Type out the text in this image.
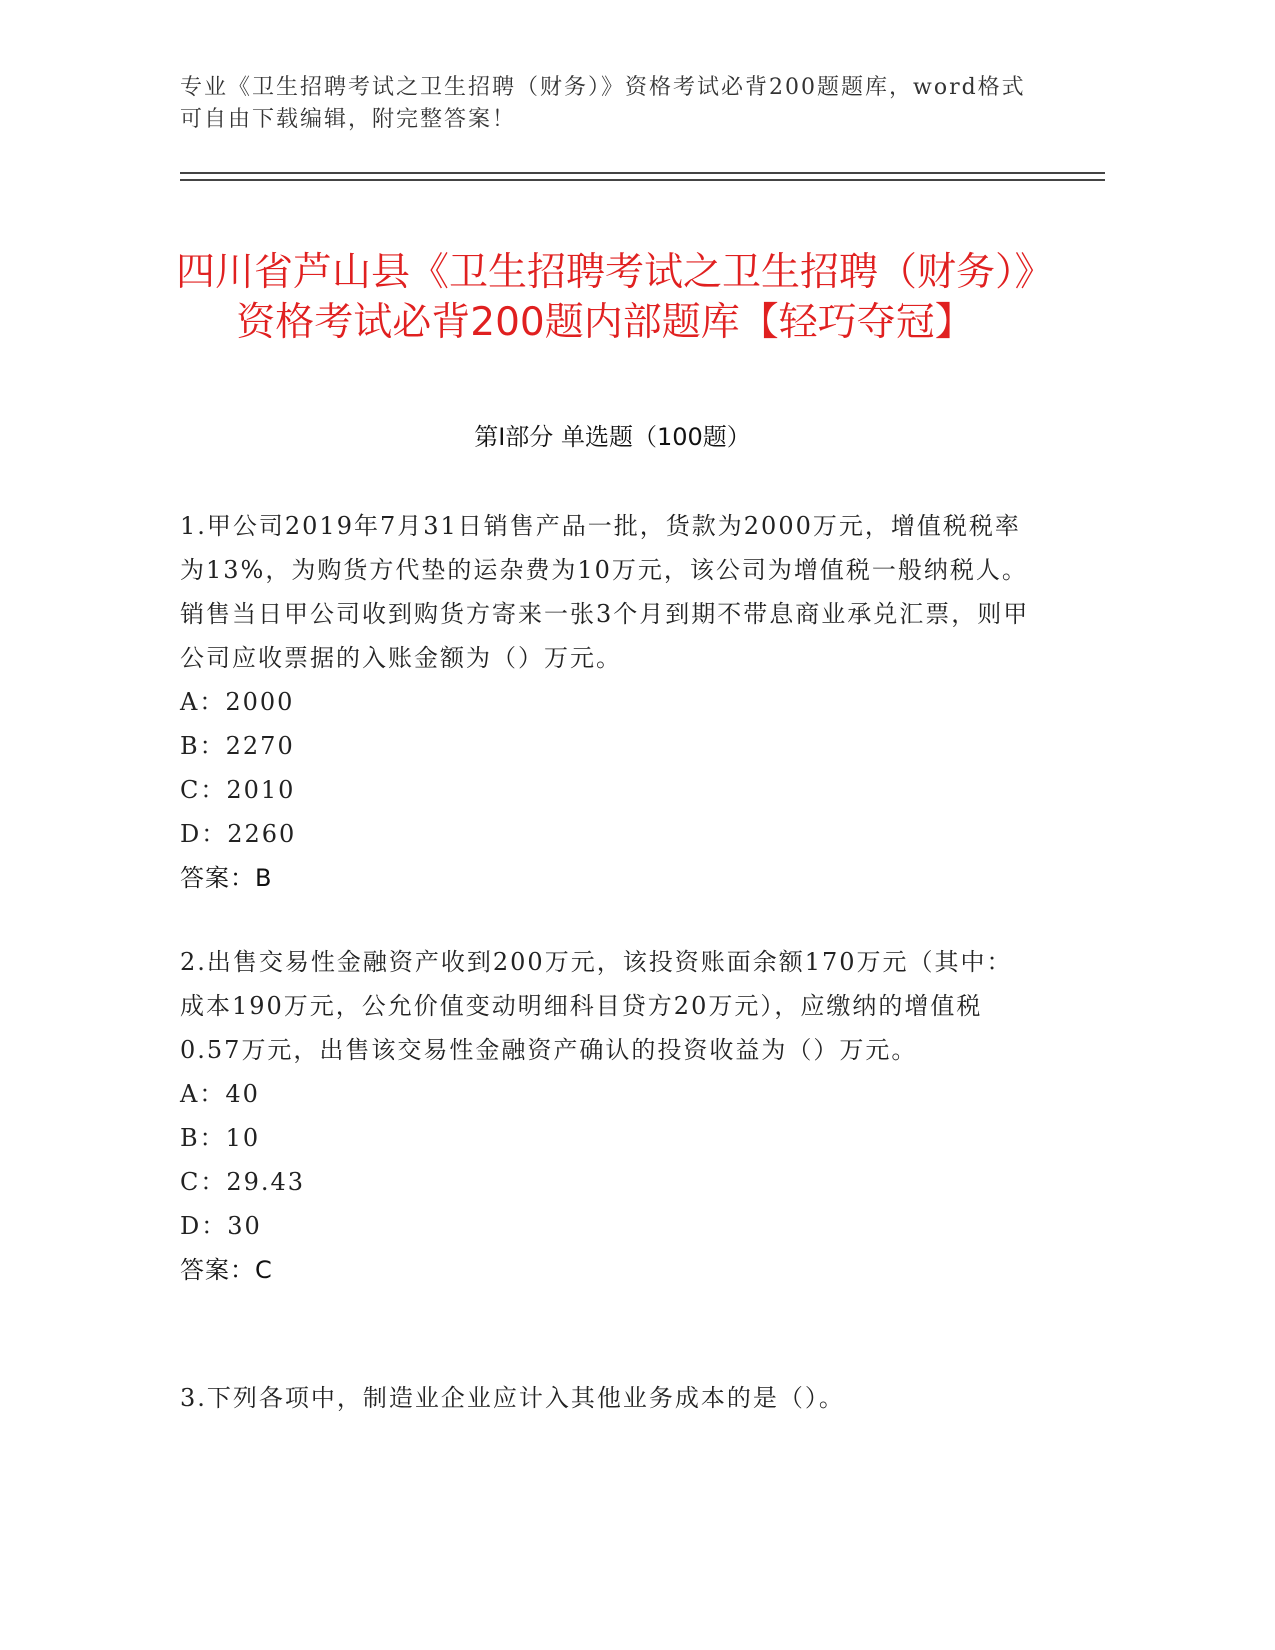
专业《卫生招聘考试之卫生招聘（财务）》资格考试必背200题题库，word格式可自由下载编辑，附完整答案！
四川省芦山县《卫生招聘考试之卫生招聘（财务）》资格考试必背200题内部题库【轻巧夺冠】
第I部分 单选题（100题）
1.甲公司2019年7月31日销售产品一批，货款为2000万元，增值税税率为13%，为购货方代垫的运杂费为10万元，该公司为增值税一般纳税人。销售当日甲公司收到购货方寄来一张3个月到期不带息商业承兑汇票，则甲公司应收票据的入账金额为（）万元。
A：2000
B：2270
C：2010
D：2260
答案：B
2.出售交易性金融资产收到200万元，该投资账面余额170万元（其中：成本190万元，公允价值变动明细科目贷方20万元），应缴纳的增值税0.57万元，出售该交易性金融资产确认的投资收益为（）万元。
A：40
B：10
C：29.43
D：30
答案：C
3.下列各项中，制造业企业应计入其他业务成本的是（）。
